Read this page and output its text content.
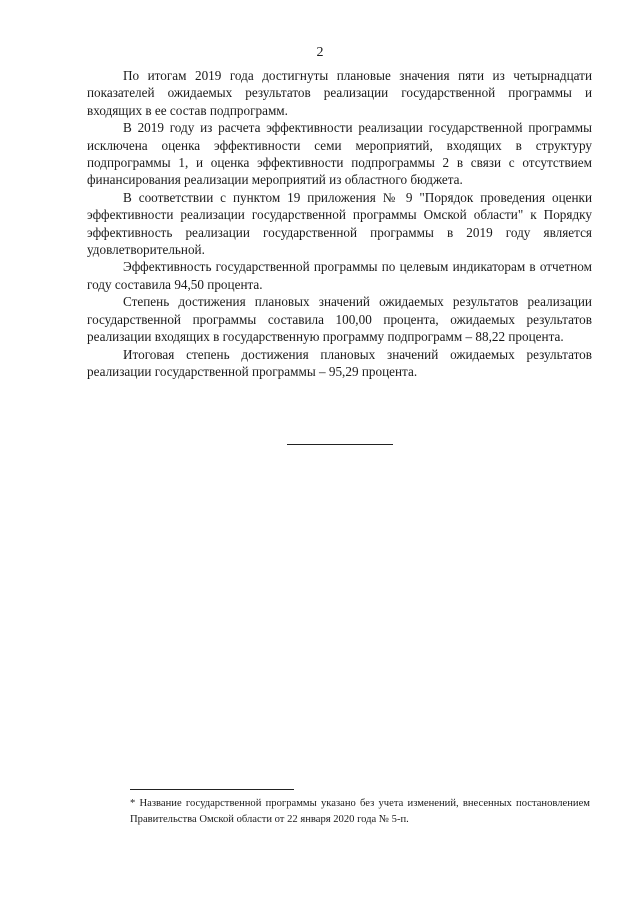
2

По итогам 2019 года достигнуты плановые значения пяти из четырнадцати показателей ожидаемых результатов реализации государственной программы и входящих в ее состав подпрограмм.

В 2019 году из расчета эффективности реализации государственной программы исключена оценка эффективности семи мероприятий, входящих в структуру подпрограммы 1, и оценка эффективности подпрограммы 2 в связи с отсутствием финансирования реализации мероприятий из областного бюджета.

В соответствии с пунктом 19 приложения № 9 "Порядок проведения оценки эффективности реализации государственной программы Омской области" к Порядку эффективность реализации государственной программы в 2019 году является удовлетворительной.

Эффективность государственной программы по целевым индикаторам в отчетном году составила 94,50 процента.

Степень достижения плановых значений ожидаемых результатов реализации государственной программы составила 100,00 процента, ожидаемых результатов реализации входящих в государственную программу подпрограмм – 88,22 процента.

Итоговая степень достижения плановых значений ожидаемых результатов реализации государственной программы – 95,29 процента.

* Название государственной программы указано без учета изменений, внесенных постановлением Правительства Омской области от 22 января 2020 года № 5-п.
